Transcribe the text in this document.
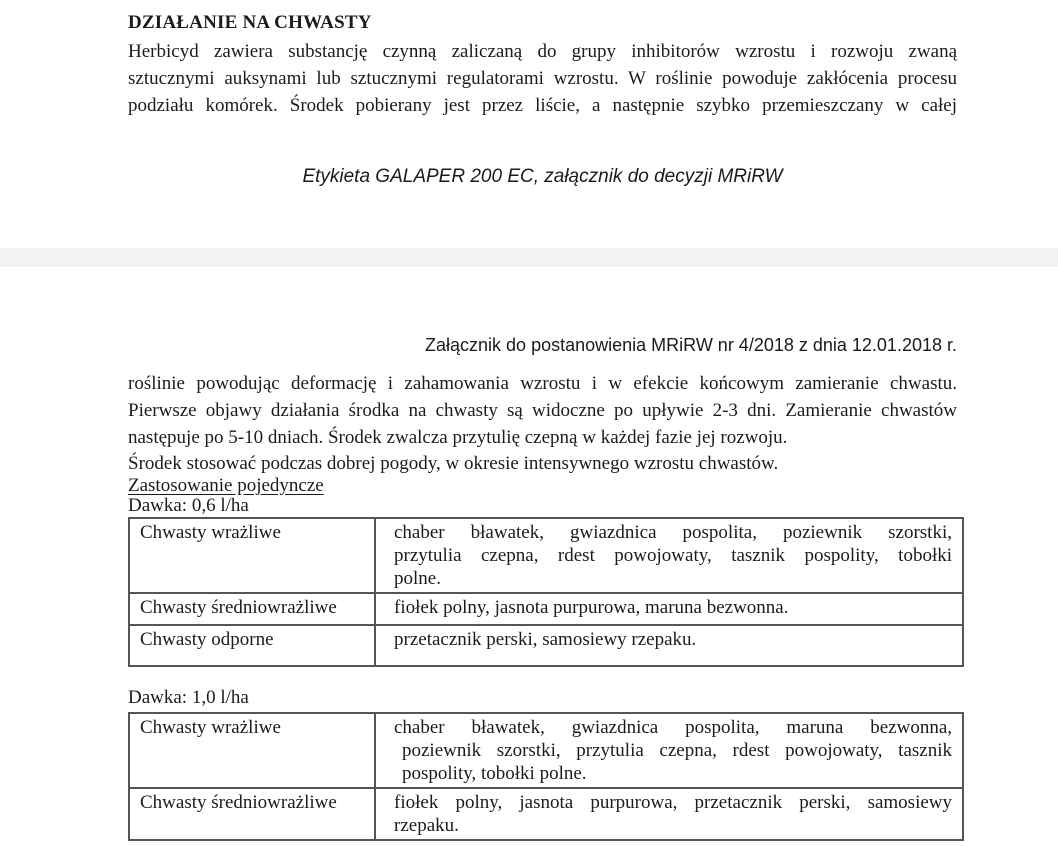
DZIAŁANIE NA CHWASTY
Herbicyd zawiera substancję czynną zaliczaną do grupy inhibitorów wzrostu i rozwoju zwaną
sztucznymi auksynami lub sztucznymi regulatorami wzrostu. W roślinie powoduje zakłócenia procesu
podziału komórek. Środek pobierany jest przez liście, a następnie szybko przemieszczany w całej
Etykieta GALAPER 200 EC, załącznik do decyzji MRiRW
Załącznik do postanowienia MRiRW nr 4/2018 z dnia 12.01.2018 r.
roślinie powodując deformację i zahamowania wzrostu i w efekcie końcowym zamieranie chwastu.
Pierwsze objawy działania środka na chwasty są widoczne po upływie 2-3 dni. Zamieranie chwastów
następuje po 5-10 dniach. Środek zwalcza przytulię czepną w każdej fazie jej rozwoju.
Środek stosować podczas dobrej pogody, w okresie intensywnego wzrostu chwastów.
Zastosowanie pojedyncze
Dawka: 0,6 l/ha
Chwasty wrażliwe	chaber bławatek, gwiazdnica pospolita, poziewnik szorstki,
przytulia czepna, rdest powojowaty, tasznik pospolity, tobołki
polne.

Chwasty średniowrażliwe	fiołek polny, jasnota purpurowa, maruna bezwonna.

Chwasty odporne	przetacznik perski, samosiewy rzepaku.
Dawka: 1,0 l/ha
Chwasty wrażliwe	chaber bławatek, gwiazdnica pospolita, maruna bezwonna,
poziewnik szorstki, przytulia czepna, rdest powojowaty, tasznik
pospolity, tobołki polne.

Chwasty średniowrażliwe	fiołek polny, jasnota purpurowa, przetacznik perski, samosiewy
rzepaku.
